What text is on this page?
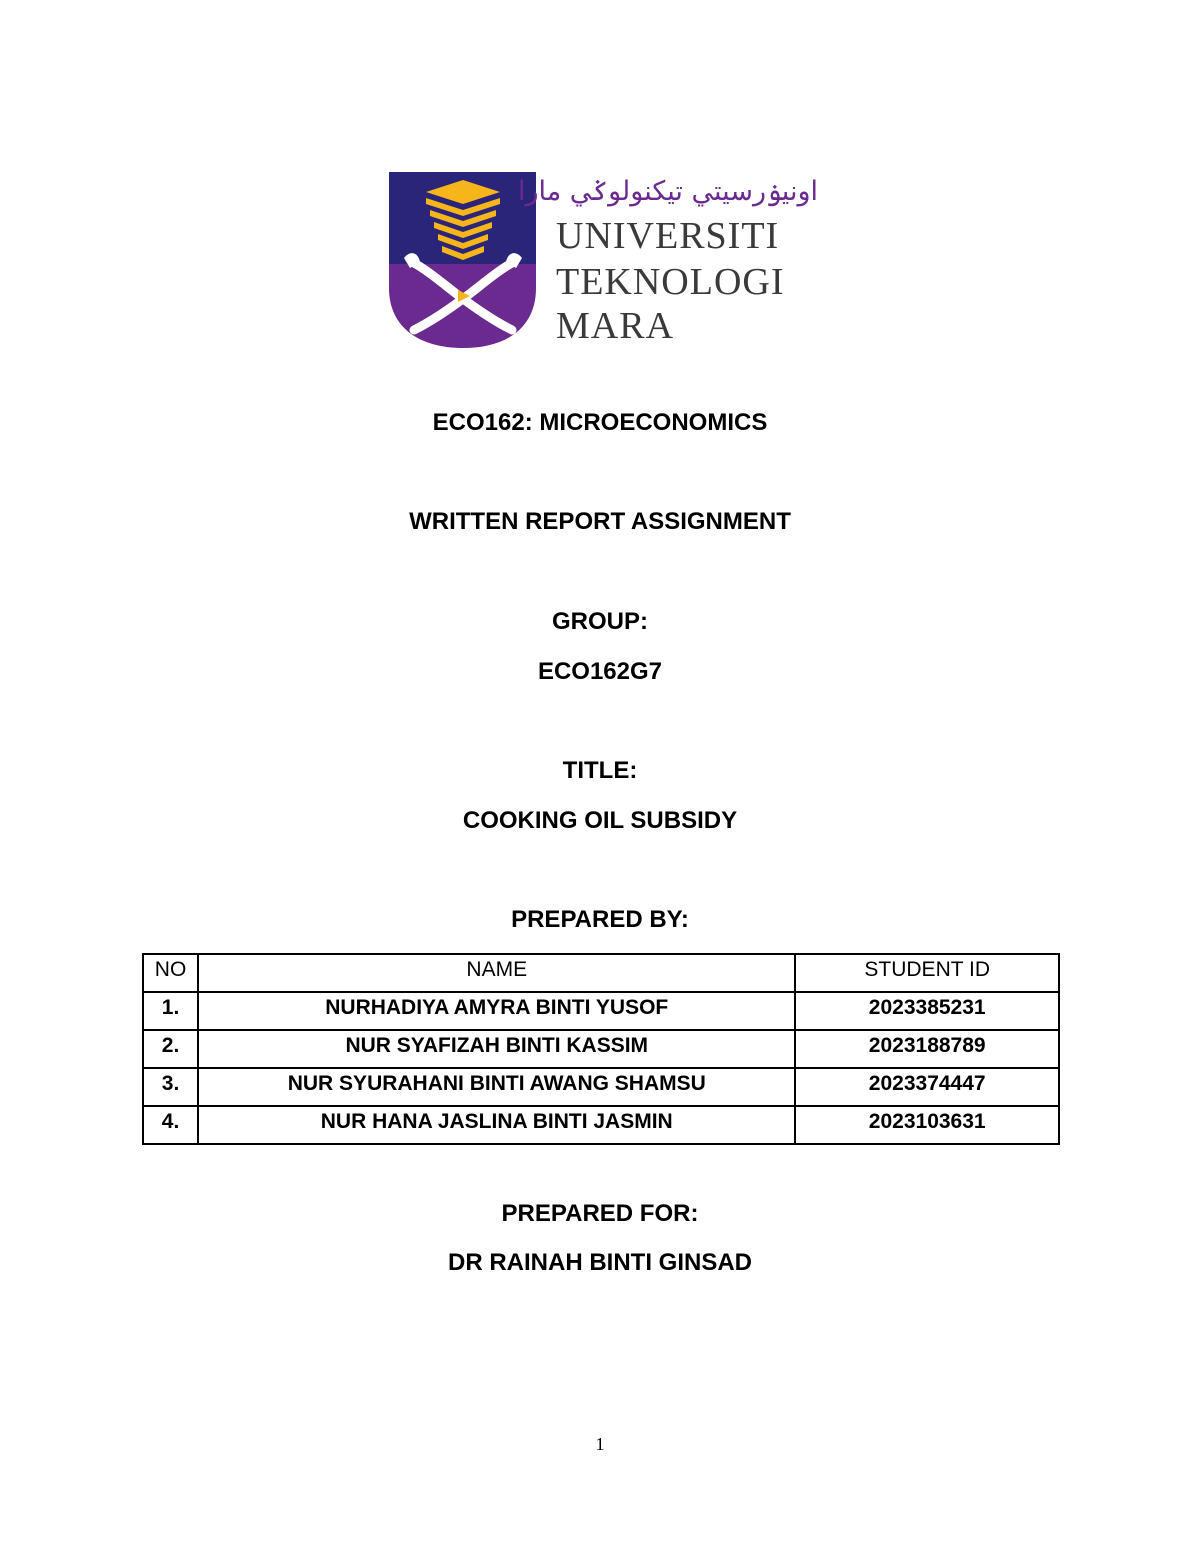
اونيۏرسيتي تيكنولوݢي مارا
UNIVERSITI
TEKNOLOGI
MARA
ECO162: MICROECONOMICS
WRITTEN REPORT ASSIGNMENT
GROUP:
ECO162G7
TITLE:
COOKING OIL SUBSIDY
PREPARED BY:
NO	NAME	STUDENT ID
1.	NURHADIYA AMYRA BINTI YUSOF	2023385231
2.	NUR SYAFIZAH BINTI KASSIM	2023188789
3.	NUR SYURAHANI BINTI AWANG SHAMSU	2023374447
4.	NUR HANA JASLINA BINTI JASMIN	2023103631
PREPARED FOR:
DR RAINAH BINTI GINSAD
1
